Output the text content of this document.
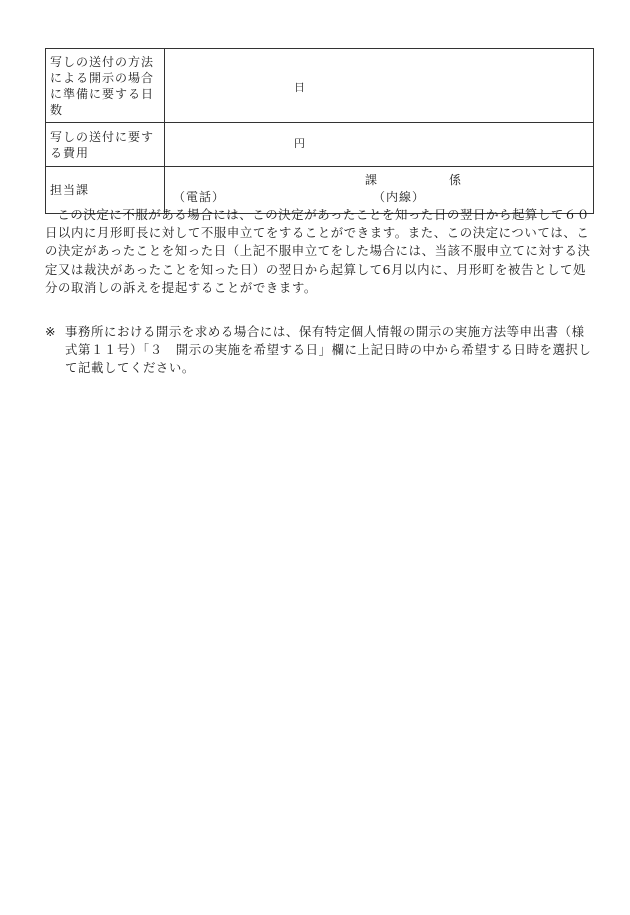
写しの送付の方法による開示の場合に準備に要する日数	日

写しの送付に要する費用	円

担当課	課 係
（電話） （内線）

この決定に不服がある場合には、この決定があったことを知った日の翌日から起算して６０日以内に月形町長に対して不服申立てをすることができます。また、この決定については、この決定があったことを知った日（上記不服申立てをした場合には、当該不服申立てに対する決定又は裁決があったことを知った日）の翌日から起算して6月以内に、月形町を被告として処分の取消しの訴えを提起することができます。

※ 事務所における開示を求める場合には、保有特定個人情報の開示の実施方法等申出書（様式第１１号）「３　開示の実施を希望する日」欄に上記日時の中から希望する日時を選択して記載してください。
